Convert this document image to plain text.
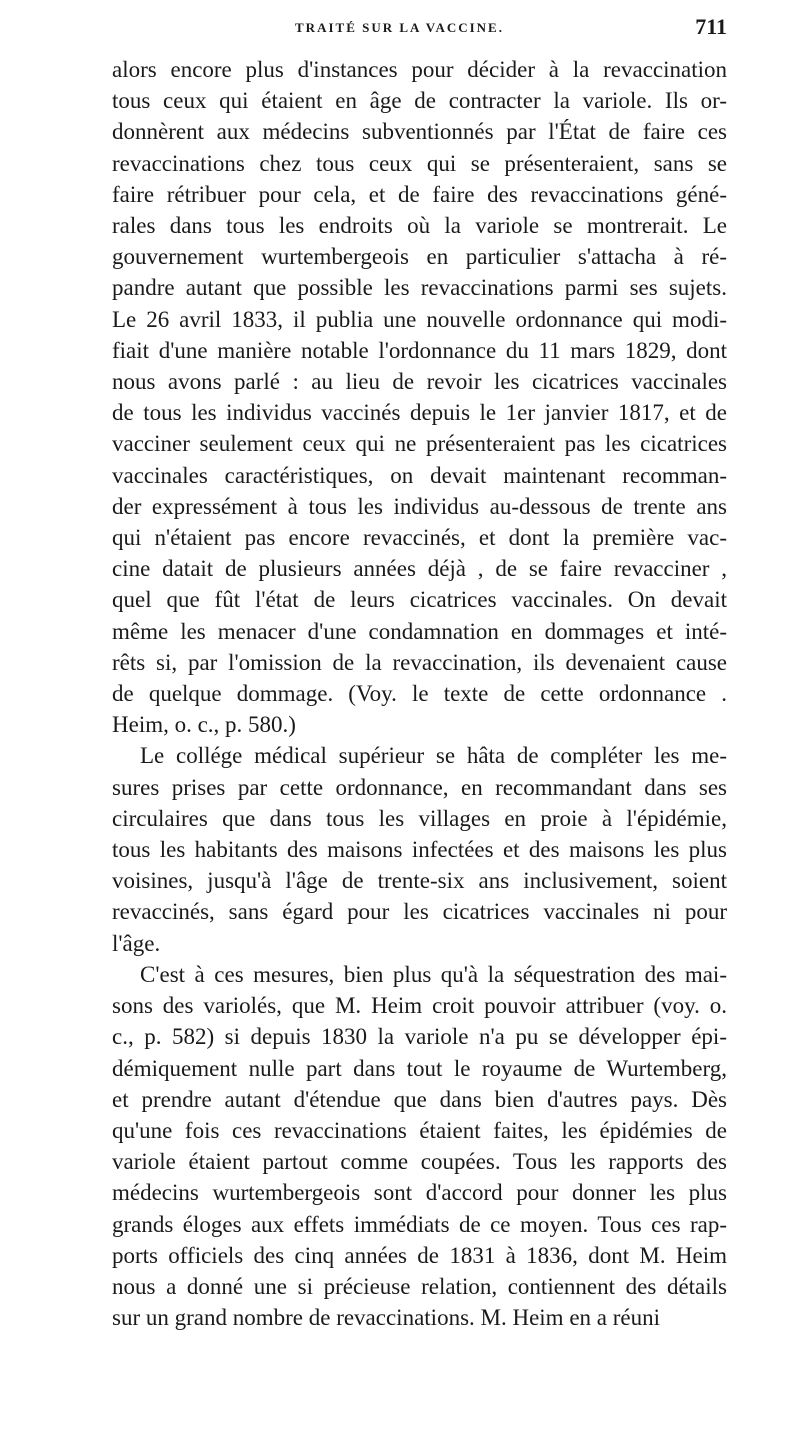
TRAITÉ SUR LA VACCINE.	711

alors encore plus d'instances pour décider à la revaccination
tous ceux qui étaient en âge de contracter la variole. Ils or-
donnèrent aux médecins subventionnés par l'État de faire ces
revaccinations chez tous ceux qui se présenteraient, sans se
faire rétribuer pour cela, et de faire des revaccinations géné-
rales dans tous les endroits où la variole se montrerait. Le
gouvernement wurtembergeois en particulier s'attacha à ré-
pandre autant que possible les revaccinations parmi ses sujets.
Le 26 avril 1833, il publia une nouvelle ordonnance qui modi-
fiait d'une manière notable l'ordonnance du 11 mars 1829, dont
nous avons parlé : au lieu de revoir les cicatrices vaccinales
de tous les individus vaccinés depuis le 1er janvier 1817, et de
vacciner seulement ceux qui ne présenteraient pas les cicatrices
vaccinales caractéristiques, on devait maintenant recomman-
der expressément à tous les individus au-dessous de trente ans
qui n'étaient pas encore revaccinés, et dont la première vac-
cine datait de plusieurs années déjà , de se faire revacciner ,
quel que fût l'état de leurs cicatrices vaccinales. On devait
même les menacer d'une condamnation en dommages et inté-
rêts si, par l'omission de la revaccination, ils devenaient cause
de quelque dommage. (Voy. le texte de cette ordonnance .
Heim, o. c., p. 580.)

Le collége médical supérieur se hâta de compléter les me-
sures prises par cette ordonnance, en recommandant dans ses
circulaires que dans tous les villages en proie à l'épidémie,
tous les habitants des maisons infectées et des maisons les plus
voisines, jusqu'à l'âge de trente-six ans inclusivement, soient
revaccinés, sans égard pour les cicatrices vaccinales ni pour
l'âge.

C'est à ces mesures, bien plus qu'à la séquestration des mai-
sons des variolés, que M. Heim croit pouvoir attribuer (voy. o.
c., p. 582) si depuis 1830 la variole n'a pu se développer épi-
démiquement nulle part dans tout le royaume de Wurtemberg,
et prendre autant d'étendue que dans bien d'autres pays. Dès
qu'une fois ces revaccinations étaient faites, les épidémies de
variole étaient partout comme coupées. Tous les rapports des
médecins wurtembergeois sont d'accord pour donner les plus
grands éloges aux effets immédiats de ce moyen. Tous ces rap-
ports officiels des cinq années de 1831 à 1836, dont M. Heim
nous a donné une si précieuse relation, contiennent des détails
sur un grand nombre de revaccinations. M. Heim en a réuni
